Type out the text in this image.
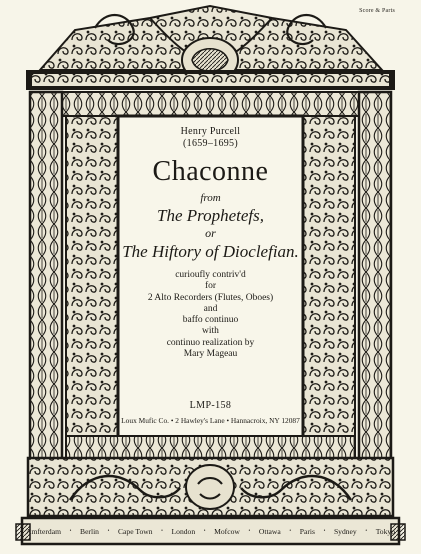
Score & Parts
Henry Purcell
(1659–1695)
Chaconne
from
The Prophetefs,
or
The Hiftory of Dioclefian.
curioufly contriv'd
for
2 Alto Recorders (Flutes, Oboes)
and
baffo continuo
with
continuo realization by
Mary Mageau
LMP-158
Loux Mufic Co. • 2 Hawley's Lane • Hannacroix, NY 12087
Amfterdam • Berlin • Cape Town • London • Mofcow • Ottawa • Paris • Sydney • Tokyo
